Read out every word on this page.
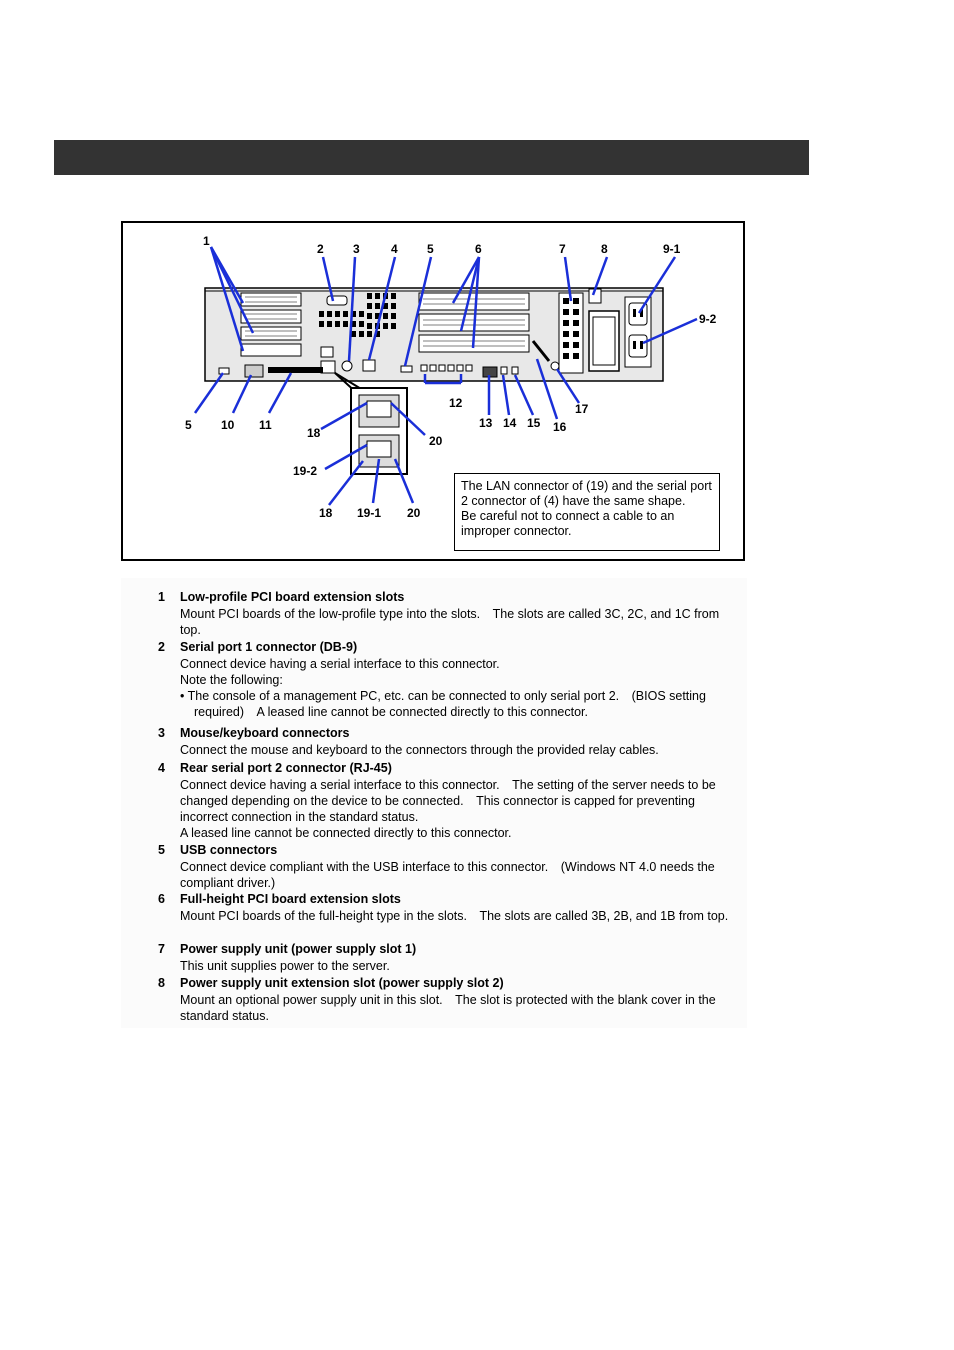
1
2 3	4 5	6	7	8	9-1
9-2
5 10 11
12
13 14 15 16
17
18
20
19-2
18 19-1 20
The LAN connector of (19) and the serial port 2 connector of (4) have the same shape. Be careful not to connect a cable to an improper connector.
1 Low-profile PCI board extension slots
Mount PCI boards of the low-profile type into the slots. The slots are called 3C, 2C, and 1C from top.
2 Serial port 1 connector (DB-9)
Connect device having a serial interface to this connector.
Note the following:
• The console of a management PC, etc. can be connected to only serial port 2. (BIOS setting required) A leased line cannot be connected directly to this connector.
3 Mouse/keyboard connectors
Connect the mouse and keyboard to the connectors through the provided relay cables.
4 Rear serial port 2 connector (RJ-45)
Connect device having a serial interface to this connector. The setting of the server needs to be changed depending on the device to be connected. This connector is capped for preventing incorrect connection in the standard status.
A leased line cannot be connected directly to this connector.
5 USB connectors
Connect device compliant with the USB interface to this connector. (Windows NT 4.0 needs the compliant driver.)
6 Full-height PCI board extension slots
Mount PCI boards of the full-height type in the slots. The slots are called 3B, 2B, and 1B from top.
7 Power supply unit (power supply slot 1)
This unit supplies power to the server.
8 Power supply unit extension slot (power supply slot 2)
Mount an optional power supply unit in this slot. The slot is protected with the blank cover in the standard status.
